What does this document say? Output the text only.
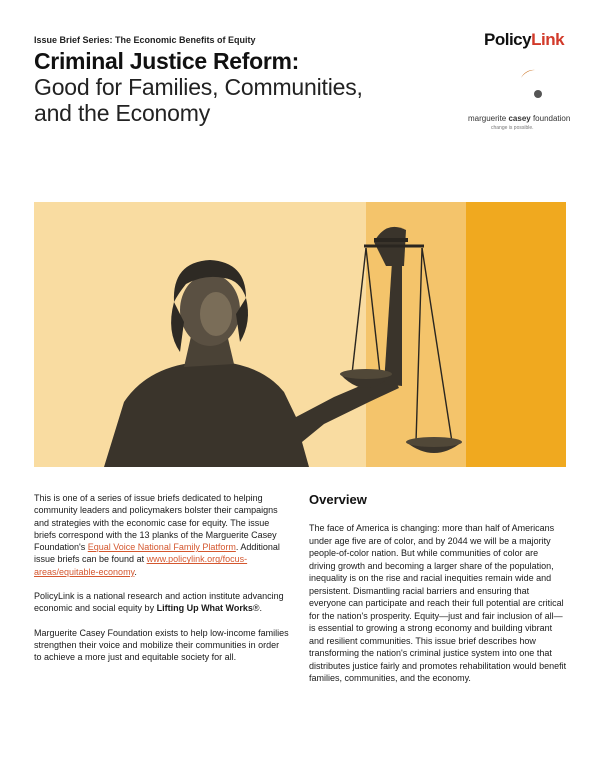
Issue Brief Series: The Economic Benefits of Equity
Criminal Justice Reform:
Good for Families, Communities,
and the Economy
PolicyLink
marguerite casey foundation
change is possible.

This is one of a series of issue briefs dedicated to helping community leaders and policymakers bolster their campaigns and strategies with the economic case for equity. The issue briefs correspond with the 13 planks of the Marguerite Casey Foundation's Equal Voice National Family Platform. Additional issue briefs can be found at www.policylink.org/focus-areas/equitable-economy.

PolicyLink is a national research and action institute advancing economic and social equity by Lifting Up What Works®.

Marguerite Casey Foundation exists to help low-income families strengthen their voice and mobilize their communities in order to achieve a more just and equitable society for all.

Overview

The face of America is changing: more than half of Americans under age five are of color, and by 2044 we will be a majority people-of-color nation. But while communities of color are driving growth and becoming a larger share of the population, inequality is on the rise and racial inequities remain wide and persistent. Dismantling racial barriers and ensuring that everyone can participate and reach their full potential are critical for the nation's prosperity. Equity—just and fair inclusion of all—is essential to growing a strong economy and building vibrant and resilient communities. This issue brief describes how transforming the nation's criminal justice system into one that distributes justice fairly and promotes rehabilitation would benefit families, communities, and the economy.
